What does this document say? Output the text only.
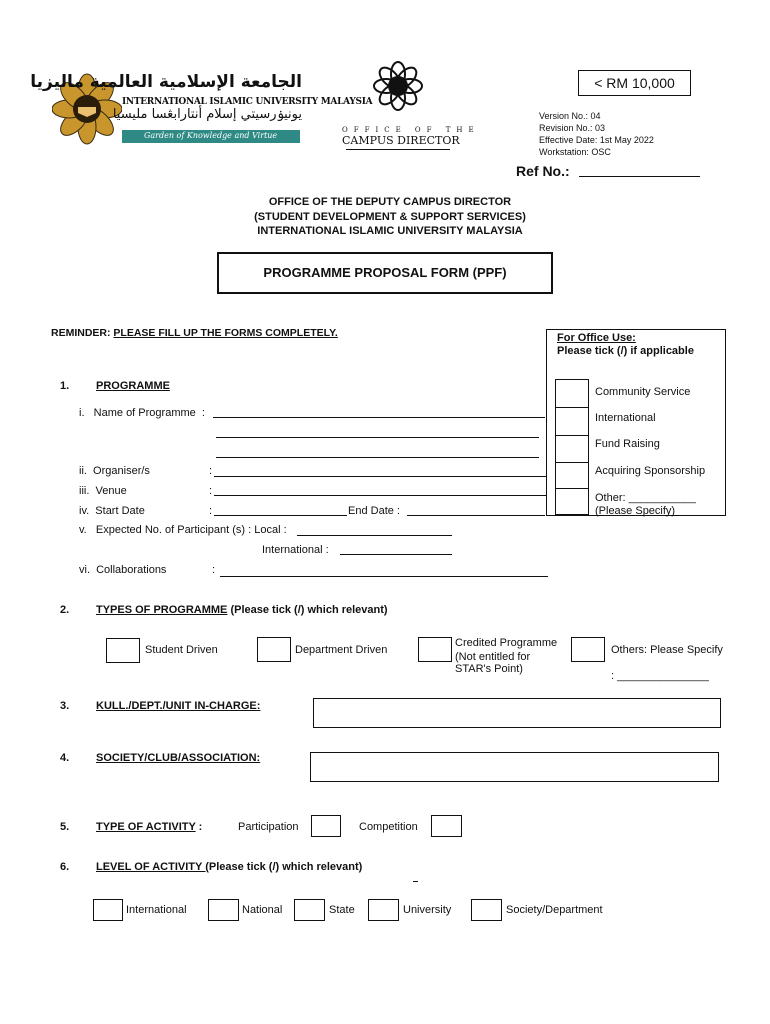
الجامعة الإسلامية العالمية ماليزيا
INTERNATIONAL ISLAMIC UNIVERSITY MALAYSIA
يونيۏرسيتي إسلام أنتارابڠسا مليسيا
Garden of Knowledge and Virtue
OFFICE OF THE
CAMPUS DIRECTOR
< RM 10,000
Version No.: 04
Revision No.: 03
Effective Date: 1st May 2022
Workstation: OSC
Ref No.:
OFFICE OF THE DEPUTY CAMPUS DIRECTOR
(STUDENT DEVELOPMENT & SUPPORT SERVICES)
INTERNATIONAL ISLAMIC UNIVERSITY MALAYSIA
PROGRAMME PROPOSAL FORM (PPF)
REMINDER: PLEASE FILL UP THE FORMS COMPLETELY.	For Office Use:
Please tick (/) if applicable
Community Service
International
Fund Raising
Acquiring Sponsorship
Other: ___________
(Please Specify)
1. PROGRAMME
i.   Name of Programme  :
ii.  Organiser/s	:
iii.  Venue	:
iv.  Start Date	:	End Date :
v.   Expected No. of Participant (s) : Local :
International :
vi.  Collaborations	:
2. TYPES OF PROGRAMME (Please tick (/) which relevant)
Student Driven	Department Driven
Credited Programme
(Not entitled for
STAR's Point)
Others: Please Specify
: _______________
3. KULL./DEPT./UNIT IN-CHARGE:
4. SOCIETY/CLUB/ASSOCIATION:
5. TYPE OF ACTIVITY :	Participation	Competition
6. LEVEL OF ACTIVITY (Please tick (/) which relevant)
International	National	State	University	Society/Department
